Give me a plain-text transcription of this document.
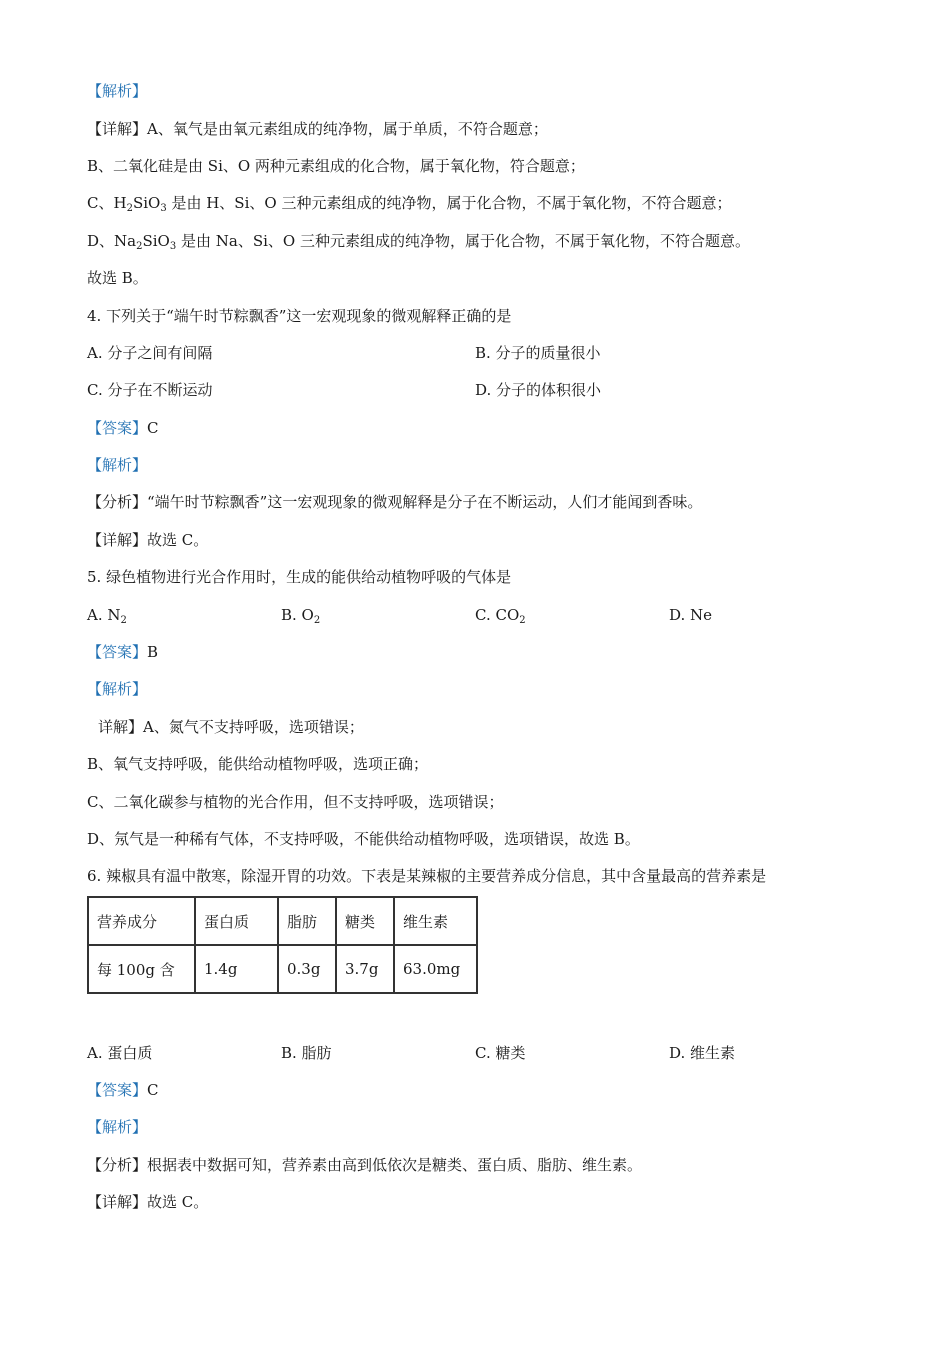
【解析】
【详解】A、氧气是由氧元素组成的纯净物，属于单质，不符合题意；
B、二氧化硅是由 Si、O 两种元素组成的化合物，属于氧化物，符合题意；
C、$H_2SiO_3$ 是由 H、Si、O 三种元素组成的纯净物，属于化合物，不属于氧化物，不符合题意；
D、$Na_2SiO_3$ 是由 Na、Si、O 三种元素组成的纯净物，属于化合物，不属于氧化物，不符合题意。
故选 B。
4. 下列关于“端午时节粽飘香”这一宏观现象的微观解释正确的是
A. 分子之间有间隔	B. 分子的质量很小
C. 分子在不断运动	D. 分子的体积很小
【答案】C
【解析】
【分析】“端午时节粽飘香”这一宏观现象的微观解释是分子在不断运动，人们才能闻到香味。
【详解】故选 C。
5. 绿色植物进行光合作用时，生成的能供给动植物呼吸的气体是
A. $N_2$	B. $O_2$	C. $CO_2$	D. Ne
【答案】B
【解析】
详解】A、氮气不支持呼吸，选项错误；
B、氧气支持呼吸，能供给动植物呼吸，选项正确；
C、二氧化碳参与植物的光合作用，但不支持呼吸，选项错误；
D、氖气是一种稀有气体，不支持呼吸，不能供给动植物呼吸，选项错误，故选 B。
6. 辣椒具有温中散寒，除湿开胃的功效。下表是某辣椒的主要营养成分信息，其中含量最高的营养素是
营养成分	蛋白质	脂肪	糖类	维生素
每 100g 含	1.4g	0.3g	3.7g	63.0mg
A. 蛋白质	B. 脂肪	C. 糖类	D. 维生素
【答案】C
【解析】
【分析】根据表中数据可知，营养素由高到低依次是糖类、蛋白质、脂肪、维生素。
【详解】故选 C。
